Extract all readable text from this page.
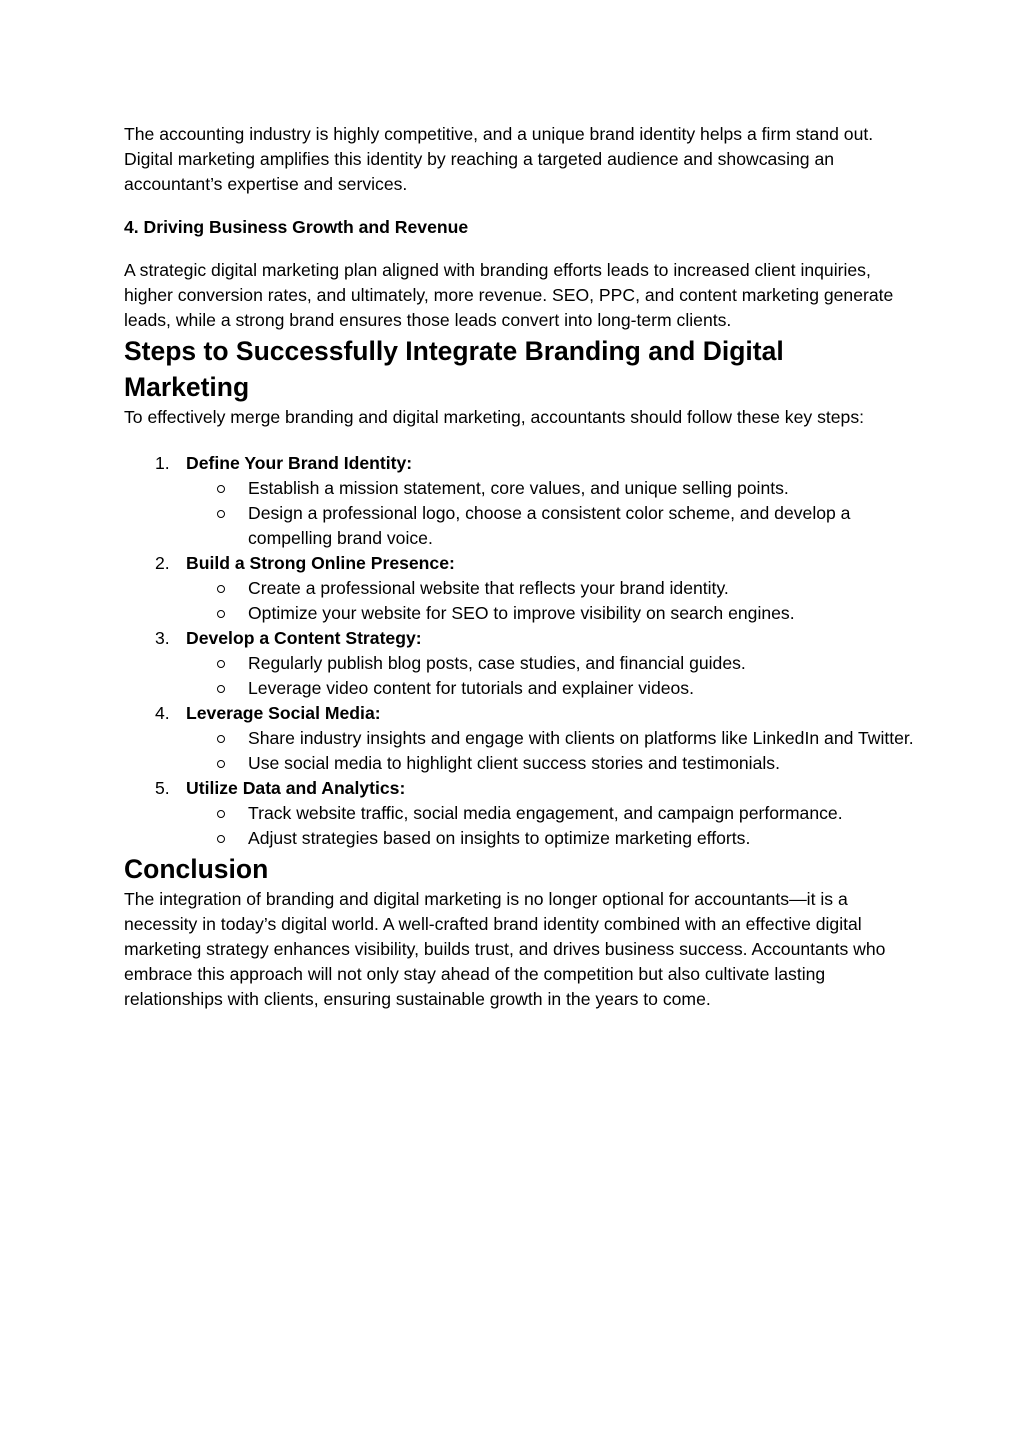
The accounting industry is highly competitive, and a unique brand identity helps a firm stand out. Digital marketing amplifies this identity by reaching a targeted audience and showcasing an accountant’s expertise and services.

4. Driving Business Growth and Revenue

A strategic digital marketing plan aligned with branding efforts leads to increased client inquiries, higher conversion rates, and ultimately, more revenue. SEO, PPC, and content marketing generate leads, while a strong brand ensures those leads convert into long-term clients.

Steps to Successfully Integrate Branding and Digital Marketing

To effectively merge branding and digital marketing, accountants should follow these key steps:

1. Define Your Brand Identity:
Establish a mission statement, core values, and unique selling points.
Design a professional logo, choose a consistent color scheme, and develop a compelling brand voice.
2. Build a Strong Online Presence:
Create a professional website that reflects your brand identity.
Optimize your website for SEO to improve visibility on search engines.
3. Develop a Content Strategy:
Regularly publish blog posts, case studies, and financial guides.
Leverage video content for tutorials and explainer videos.
4. Leverage Social Media:
Share industry insights and engage with clients on platforms like LinkedIn and Twitter.
Use social media to highlight client success stories and testimonials.
5. Utilize Data and Analytics:
Track website traffic, social media engagement, and campaign performance.
Adjust strategies based on insights to optimize marketing efforts.
Conclusion

The integration of branding and digital marketing is no longer optional for accountants—it is a necessity in today’s digital world. A well-crafted brand identity combined with an effective digital marketing strategy enhances visibility, builds trust, and drives business success. Accountants who embrace this approach will not only stay ahead of the competition but also cultivate lasting relationships with clients, ensuring sustainable growth in the years to come.
